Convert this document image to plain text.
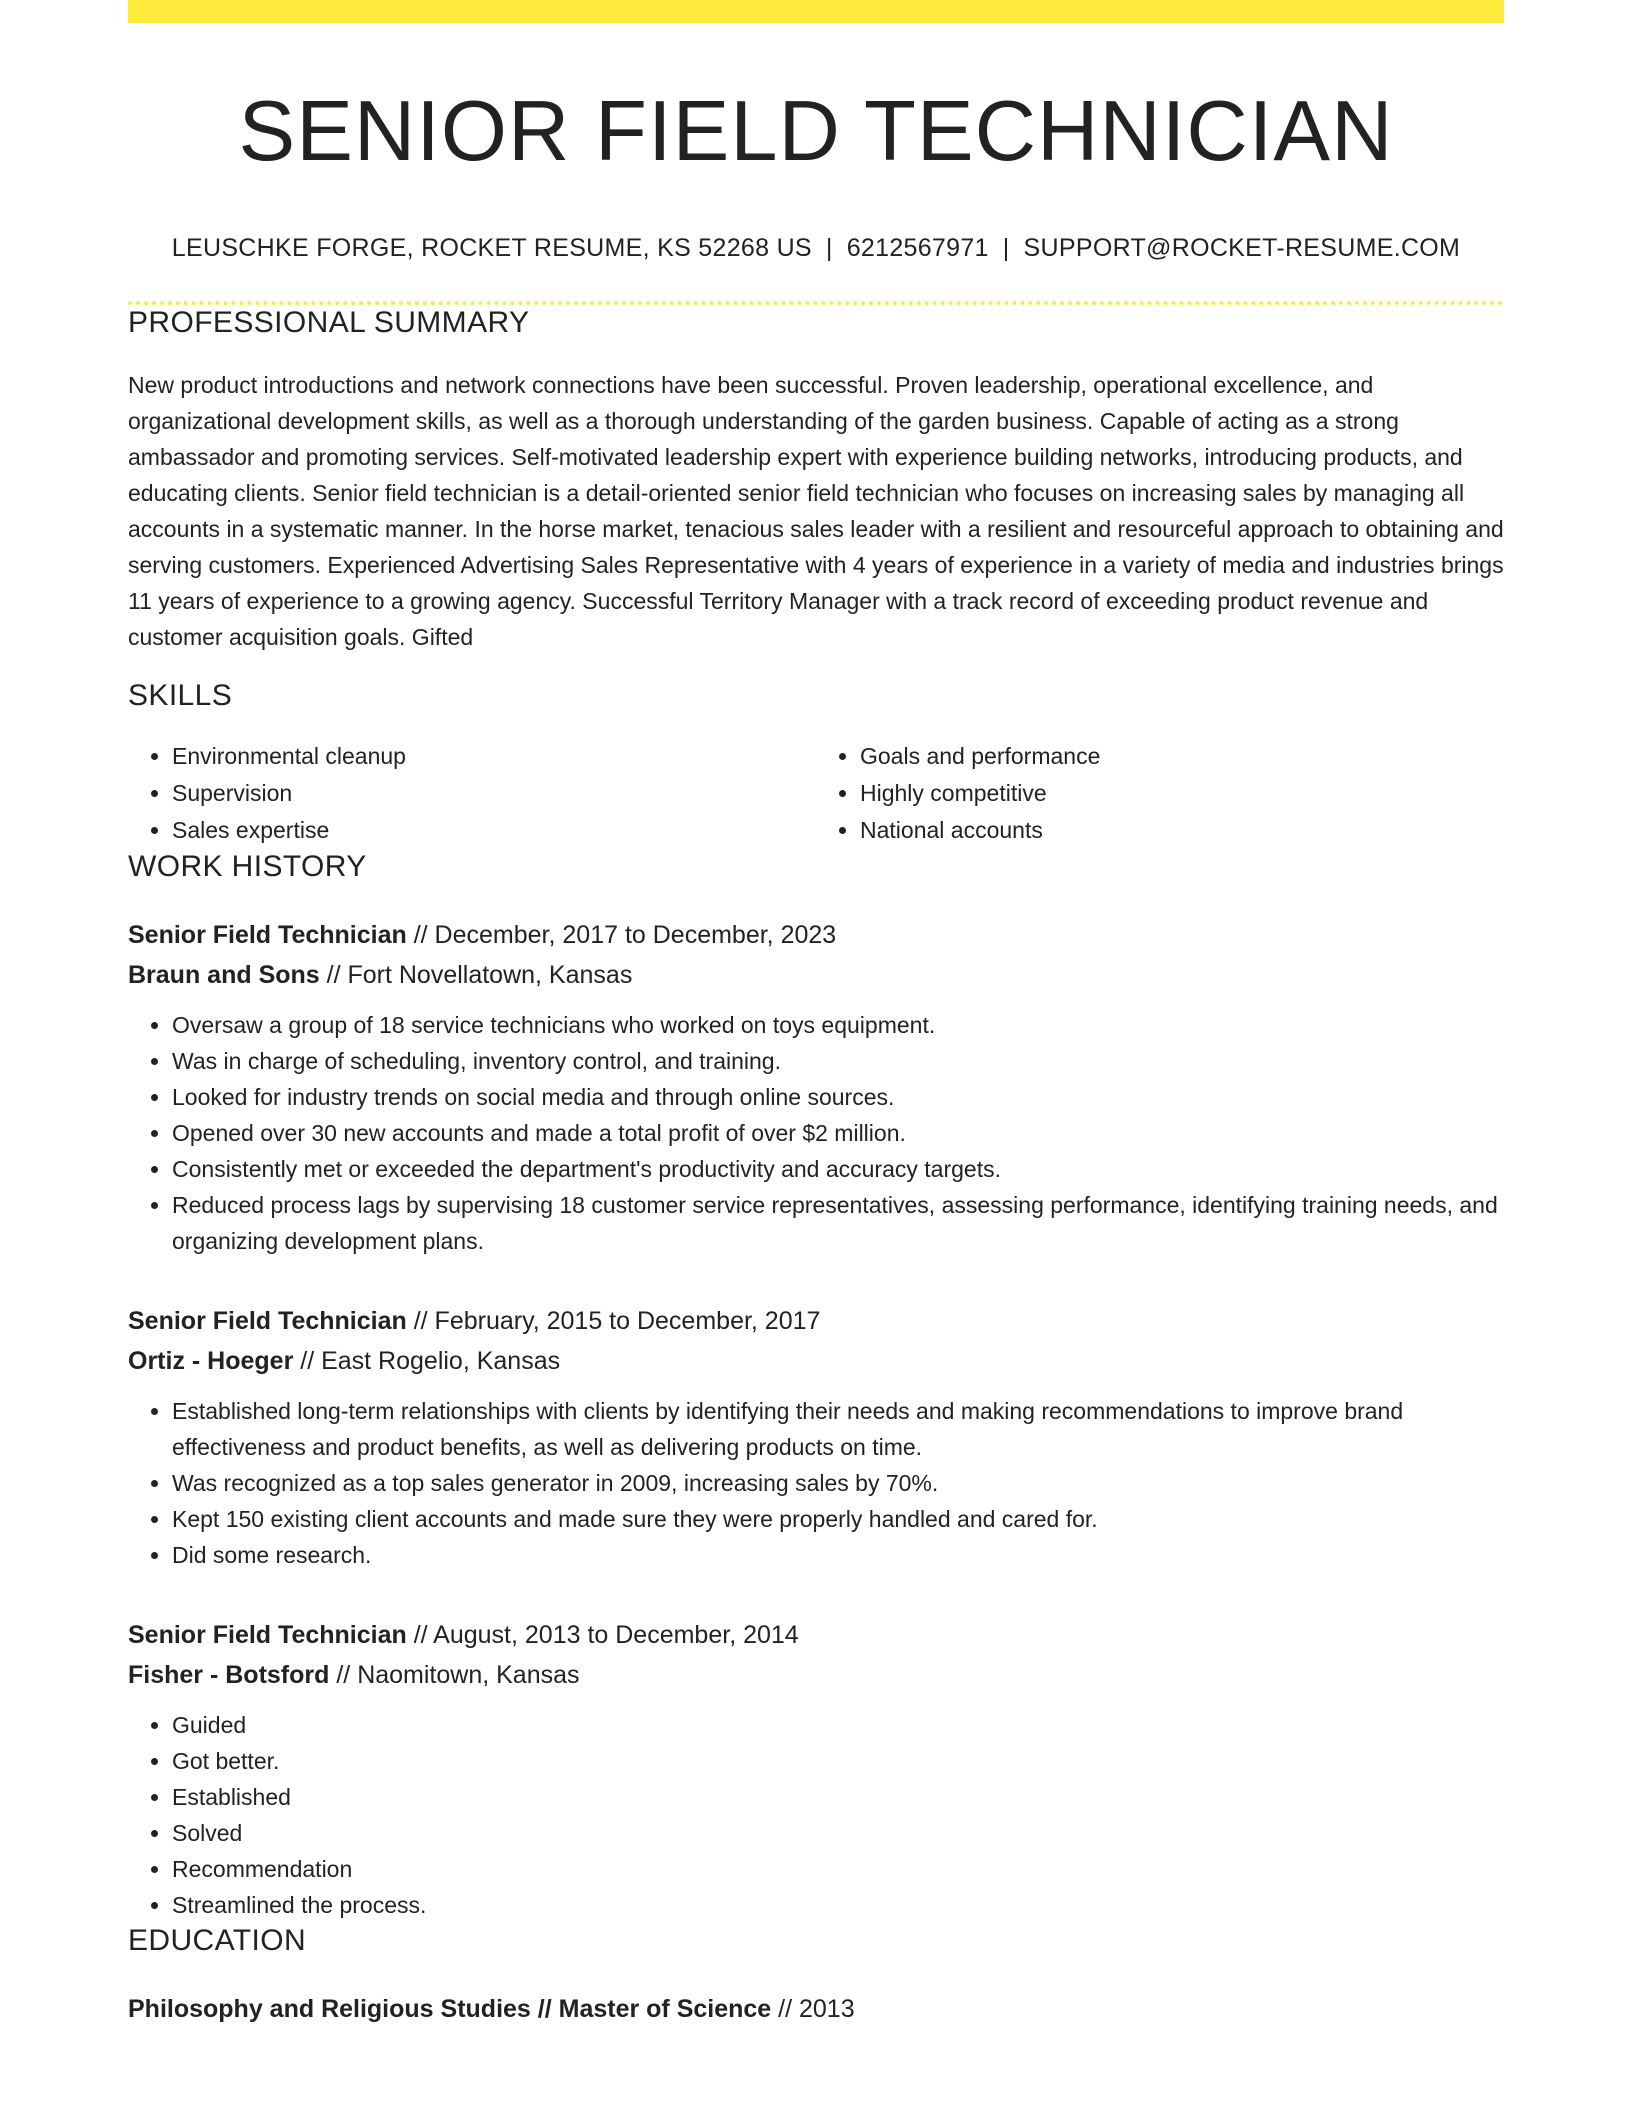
SENIOR FIELD TECHNICIAN
LEUSCHKE FORGE, ROCKET RESUME, KS 52268 US | 6212567971 | SUPPORT@ROCKET-RESUME.COM
PROFESSIONAL SUMMARY

New product introductions and network connections have been successful. Proven leadership, operational excellence, and organizational development skills, as well as a thorough understanding of the garden business. Capable of acting as a strong ambassador and promoting services. Self-motivated leadership expert with experience building networks, introducing products, and educating clients. Senior field technician is a detail-oriented senior field technician who focuses on increasing sales by managing all accounts in a systematic manner. In the horse market, tenacious sales leader with a resilient and resourceful approach to obtaining and serving customers. Experienced Advertising Sales Representative with 4 years of experience in a variety of media and industries brings 11 years of experience to a growing agency. Successful Territory Manager with a track record of exceeding product revenue and customer acquisition goals. Gifted

SKILLS
• Environmental cleanup
• Supervision
• Sales expertise
• Goals and performance
• Highly competitive
• National accounts
WORK HISTORY
Senior Field Technician // December, 2017 to December, 2023
Braun and Sons // Fort Novellatown, Kansas
• Oversaw a group of 18 service technicians who worked on toys equipment.
• Was in charge of scheduling, inventory control, and training.
• Looked for industry trends on social media and through online sources.
• Opened over 30 new accounts and made a total profit of over $2 million.
• Consistently met or exceeded the department's productivity and accuracy targets.
• Reduced process lags by supervising 18 customer service representatives, assessing performance, identifying training needs, and organizing development plans.
Senior Field Technician // February, 2015 to December, 2017
Ortiz - Hoeger // East Rogelio, Kansas
• Established long-term relationships with clients by identifying their needs and making recommendations to improve brand effectiveness and product benefits, as well as delivering products on time.
• Was recognized as a top sales generator in 2009, increasing sales by 70%.
• Kept 150 existing client accounts and made sure they were properly handled and cared for.
• Did some research.
Senior Field Technician // August, 2013 to December, 2014
Fisher - Botsford // Naomitown, Kansas
• Guided
• Got better.
• Established
• Solved
• Recommendation
• Streamlined the process.
EDUCATION
Philosophy and Religious Studies // Master of Science // 2013
